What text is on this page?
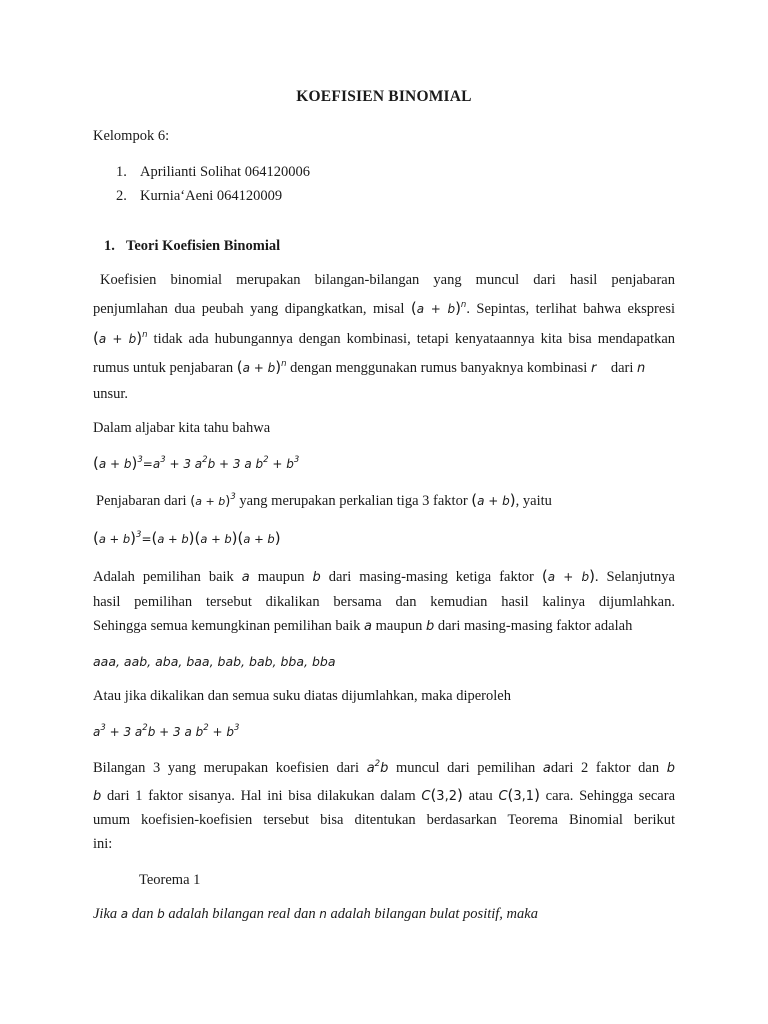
KOEFISIEN BINOMIAL
Kelompok 6:
1. Aprilianti Solihat 064120006
2. Kurnia‘Aeni 064120009
1. Teori Koefisien Binomial
Koefisien binomial merupakan bilangan-bilangan yang muncul dari hasil penjabaran
penjumlahan dua peubah yang dipangkatkan, misal $(a + b)^n$. Sepintas, terlihat bahwa ekspresi
$(a + b)^n$ tidak ada hubungannya dengan kombinasi, tetapi kenyataannya kita bisa mendapatkan
rumus untuk penjabaran $(a + b)^n$ dengan menggunakan rumus banyaknya kombinasi r dari n
unsur.
Dalam aljabar kita tahu bahwa
$(a + b)^3=a^3 + 3$ $a^2b + 3$ a $b^2 + b^3$
Penjabaran dari $(a + b)^3$ yang merupakan perkalian tiga 3 faktor (a + b), yaitu
$(a + b)^3=(a + b)(a + b)(a + b)$
Adalah pemilihan baik a maupun b dari masing-masing ketiga faktor (a + b). Selanjutnya
hasil pemilihan tersebut dikalikan bersama dan kemudian hasil kalinya dijumlahkan.
Sehingga semua kemungkinan pemilihan baik a maupun b dari masing-masing faktor adalah
aaa, aab, aba, baa, bab, bab, bba, bba
Atau jika dikalikan dan semua suku diatas dijumlahkan, maka diperoleh
$a^3 + 3$ $a^2b + 3$ a $b^2 + b^3$
Bilangan 3 yang merupakan koefisien dari $a^2b$ muncul dari pemilihan adari 2 faktor dan b
b dari 1 faktor sisanya. Hal ini bisa dilakukan dalam C(3,2) atau C(3,1) cara. Sehingga secara
umum koefisien-koefisien tersebut bisa ditentukan berdasarkan Teorema Binomial berikut
ini:
Teorema 1
Jika a dan b adalah bilangan real dan n adalah bilangan bulat positif, maka
